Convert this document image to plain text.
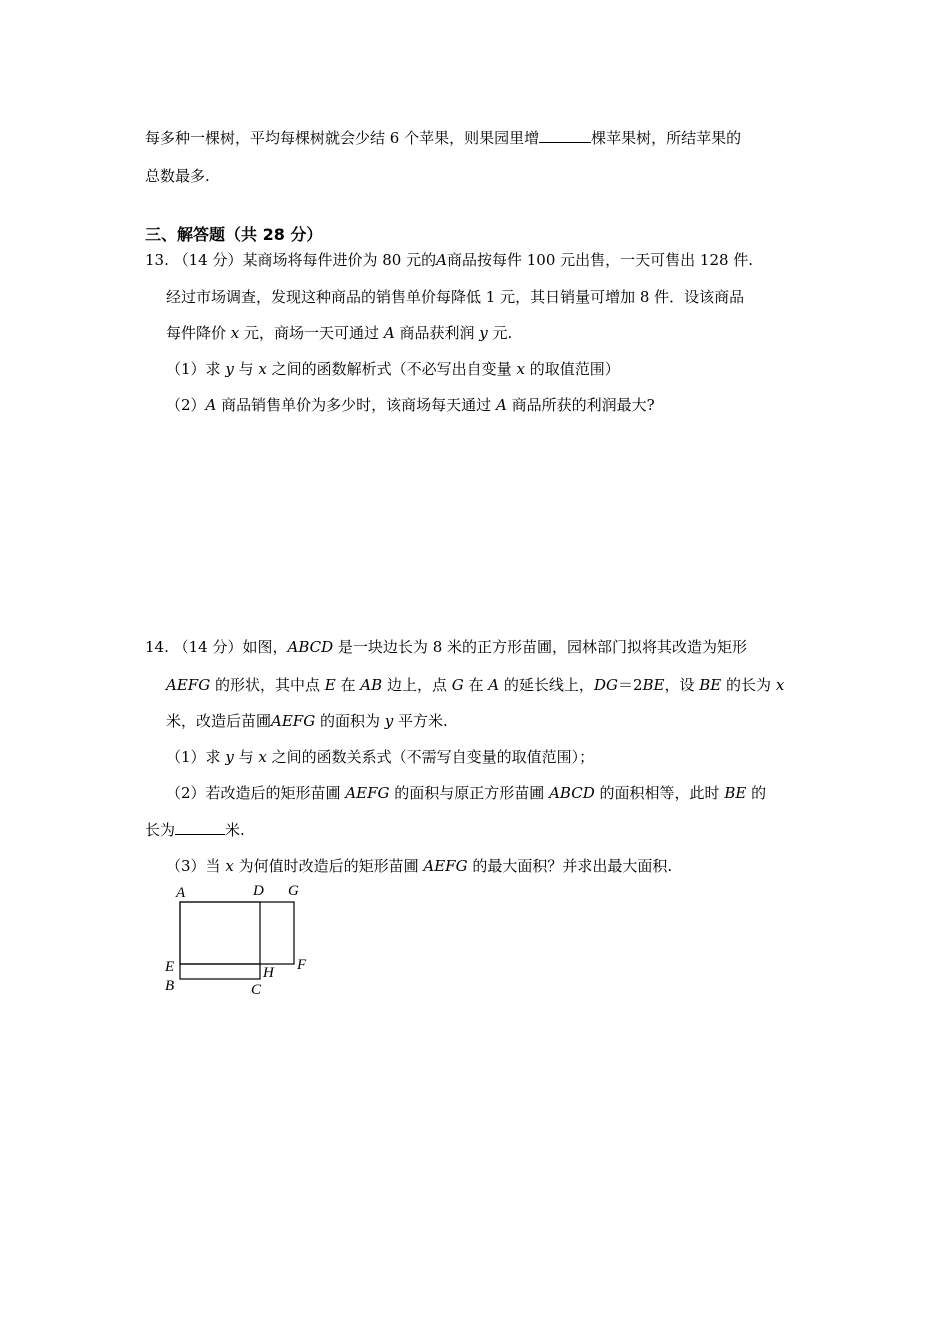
每多种一棵树，平均每棵树就会少结 6 个苹果，则果园里增	棵苹果树，所结苹果的
总数最多.
三、解答题（共 28 分）
13. （14 分）某商场将每件进价为 80 元的A商品按每件 100 元出售，一天可售出 128 件.
经过市场调查，发现这种商品的销售单价每降低 1 元，其日销量可增加 8 件．设该商品
每件降价 x 元，商场一天可通过 A 商品获利润 y 元.
（1）求 y 与 x 之间的函数解析式（不必写出自变量 x 的取值范围）
（2）A 商品销售单价为多少时，该商场每天通过 A 商品所获的利润最大?
14. （14 分）如图，ABCD 是一块边长为 8 米的正方形苗圃，园林部门拟将其改造为矩形
AEFG 的形状，其中点 E 在 AB 边上，点 G 在 A 的延长线上，DG＝2BE，设 BE 的长为 x
米，改造后苗圃AEFG 的面积为 y 平方米.
（1）求 y 与 x 之间的函数关系式（不需写自变量的取值范围）；
（2）若改造后的矩形苗圃 AEFG 的面积与原正方形苗圃 ABCD 的面积相等，此时 BE 的
长为	米.
（3）当 x 为何值时改造后的矩形苗圃 AEFG 的最大面积？并求出最大面积.
A	D G
E
B
H
C
F
